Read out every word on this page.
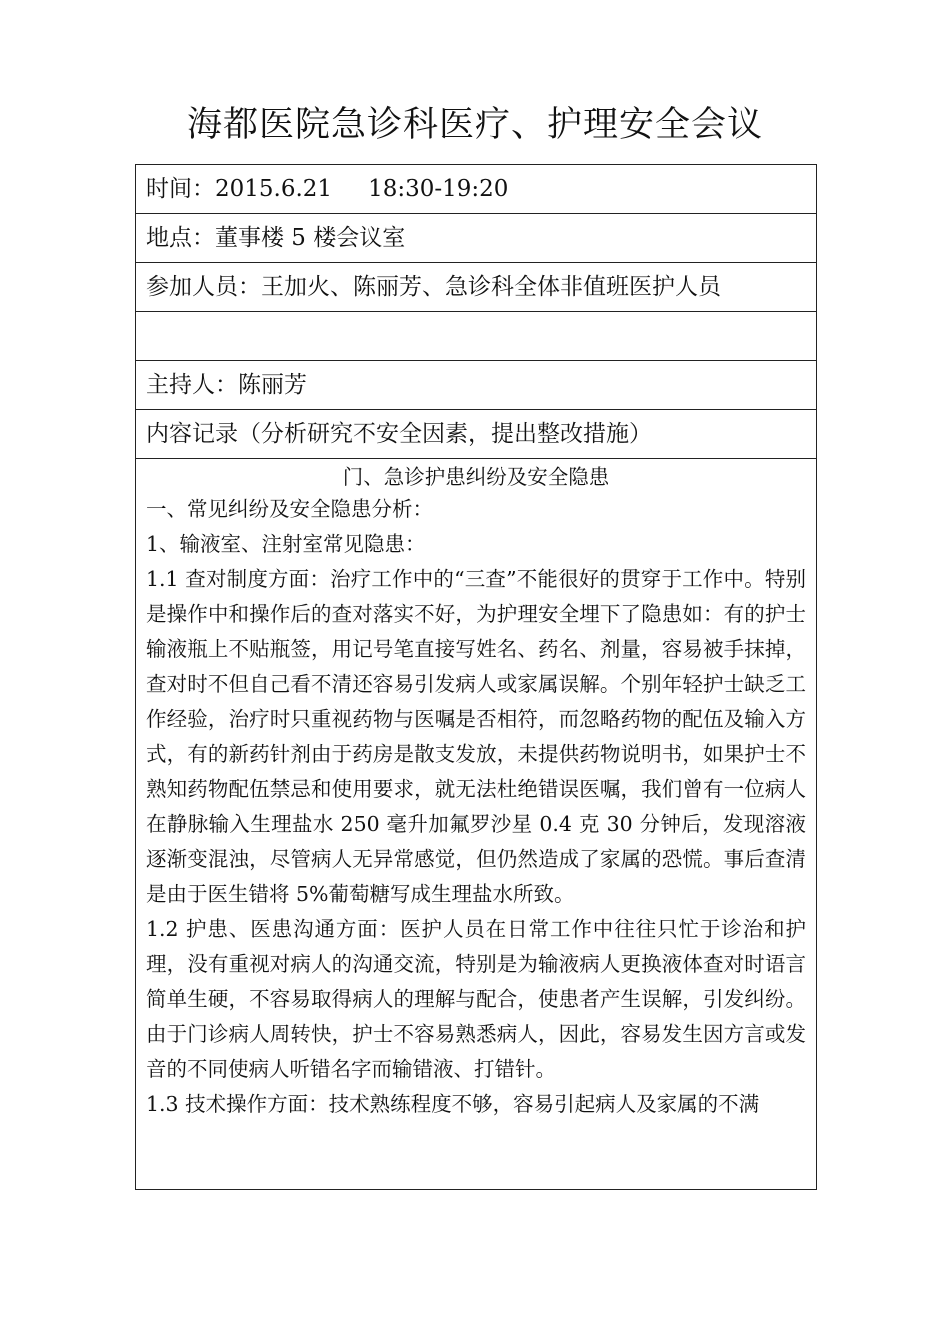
海都医院急诊科医疗、护理安全会议
时间：2015.6.21 18:30-19:20
地点：董事楼 5 楼会议室
参加人员：王加火、陈丽芳、急诊科全体非值班医护人员

主持人：陈丽芳
内容记录（分析研究不安全因素，提出整改措施）

门、急诊护患纠纷及安全隐患

一、常见纠纷及安全隐患分析：

1、输液室、注射室常见隐患：

1.1 查对制度方面：治疗工作中的“三查”不能很好的贯穿于工作中。特别是操作中和操作后的查对落实不好，为护理安全埋下了隐患如：有的护士输液瓶上不贴瓶签，用记号笔直接写姓名、药名、剂量，容易被手抹掉，查对时不但自己看不清还容易引发病人或家属误解。个别年轻护士缺乏工作经验，治疗时只重视药物与医嘱是否相符，而忽略药物的配伍及输入方式，有的新药针剂由于药房是散支发放，未提供药物说明书，如果护士不熟知药物配伍禁忌和使用要求，就无法杜绝错误医嘱，我们曾有一位病人在静脉输入生理盐水 250 毫升加氟罗沙星 0.4 克 30 分钟后，发现溶液逐渐变混浊，尽管病人无异常感觉，但仍然造成了家属的恐慌。事后查清是由于医生错将 5%葡萄糖写成生理盐水所致。

1.2 护患、医患沟通方面：医护人员在日常工作中往往只忙于诊治和护理，没有重视对病人的沟通交流，特别是为输液病人更换液体查对时语言简单生硬，不容易取得病人的理解与配合，使患者产生误解，引发纠纷。由于门诊病人周转快，护士不容易熟悉病人，因此，容易发生因方言或发音的不同使病人听错名字而输错液、打错针。

1.3 技术操作方面：技术熟练程度不够，容易引起病人及家属的不满
